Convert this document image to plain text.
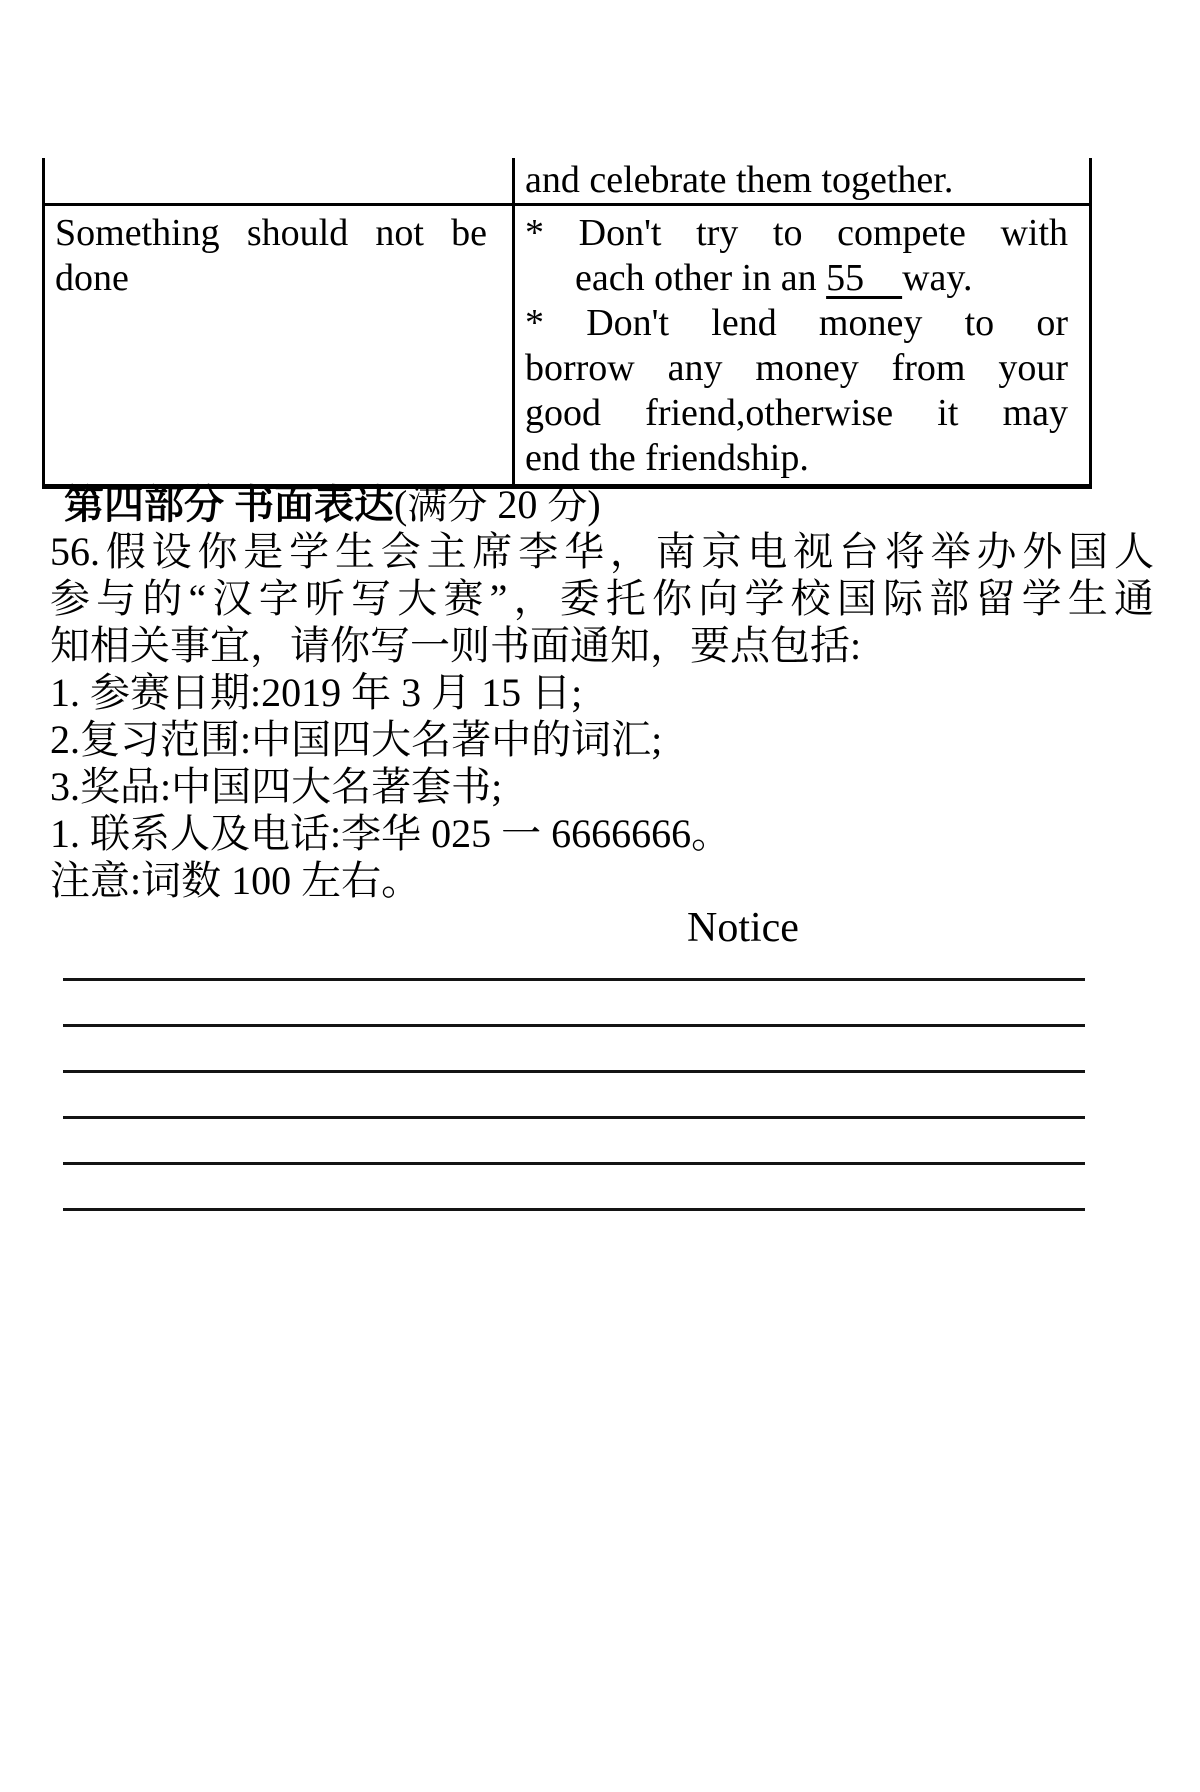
and celebrate them together.
Something should not be
done
* Don't try to compete with
each other in an 55    way.
* Don't lend money to or
borrow any money from your
good friend,otherwise it may
end the friendship.
第四部分 书面表达(满分 20 分)
56.假设你是学生会主席李华，南京电视台将举办外国人
参与的“汉字听写大赛”，委托你向学校国际部留学生通
知相关事宜，请你写一则书面通知，要点包括:
1. 参赛日期:2019 年 3 月 15 日;
2.复习范围:中国四大名著中的词汇;
3.奖品:中国四大名著套书;
1. 联系人及电话:李华 025 一 6666666。
注意:词数 100 左右。
Notice
